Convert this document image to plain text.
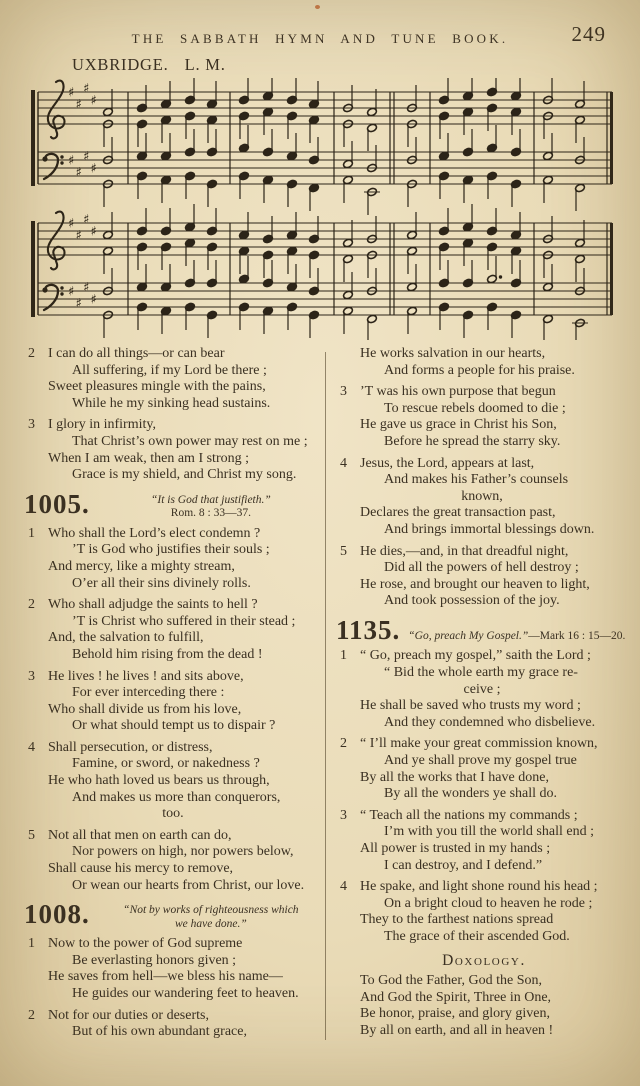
THE SABBATH HYMN AND TUNE BOOK.	249
UXBRIDGE. L. M.
♯
♯
♯
♯
♯
♯
♯
♯
♯
♯
♯
♯
♯
♯
♯
♯
2 I can do all things—or can bear
All suffering, if my Lord be there ;
Sweet pleasures mingle with the pains,
While he my sinking head sustains.
3 I glory in infirmity,
That Christ’s own power may rest on me ;
When I am weak, then am I strong ;
Grace is my shield, and Christ my song.
1005.	“It is God that justifieth.”
Rom. 8 : 33—37.
1 Who shall the Lord’s elect condemn ?
’T is God who justifies their souls ;
And mercy, like a mighty stream,
O’er all their sins divinely rolls.
2 Who shall adjudge the saints to hell ?
’T is Christ who suffered in their stead ;
And, the salvation to fulfill,
Behold him rising from the dead !
3 He lives ! he lives ! and sits above,
For ever interceding there :
Who shall divide us from his love,
Or what should tempt us to dispair ?
4 Shall persecution, or distress,
Famine, or sword, or nakedness ?
He who hath loved us bears us through,
And makes us more than conquerors,
too.
5 Not all that men on earth can do,
Nor powers on high, nor powers below,
Shall cause his mercy to remove,
Or wean our hearts from Christ, our love.
1008.	“Not by works of righteousness which
we have done.”
1 Now to the power of God supreme
Be everlasting honors given ;
He saves from hell—we bless his name—
He guides our wandering feet to heaven.
2 Not for our duties or deserts,
But of his own abundant grace,
He works salvation in our hearts,
And forms a people for his praise.
3 ’T was his own purpose that begun
To rescue rebels doomed to die ;
He gave us grace in Christ his Son,
Before he spread the starry sky.
4 Jesus, the Lord, appears at last,
And makes his Father’s counsels
known,
Declares the great transaction past,
And brings immortal blessings down.
5 He dies,—and, in that dreadful night,
Did all the powers of hell destroy ;
He rose, and brought our heaven to light,
And took possession of the joy.
1135. “Go, preach My Gospel.”—Mark 16 : 15—20.
1 “ Go, preach my gospel,” saith the Lord ;
“ Bid the whole earth my grace re-
ceive ;
He shall be saved who trusts my word ;
And they condemned who disbelieve.
2 “ I’ll make your great commission known,
And ye shall prove my gospel true
By all the works that I have done,
By all the wonders ye shall do.
3 “ Teach all the nations my commands ;
I’m with you till the world shall end ;
All power is trusted in my hands ;
I can destroy, and I defend.”
4 He spake, and light shone round his head ;
On a bright cloud to heaven he rode ;
They to the farthest nations spread
The grace of their ascended God.
Doxology.
To God the Father, God the Son,
And God the Spirit, Three in One,
Be honor, praise, and glory given,
By all on earth, and all in heaven !
